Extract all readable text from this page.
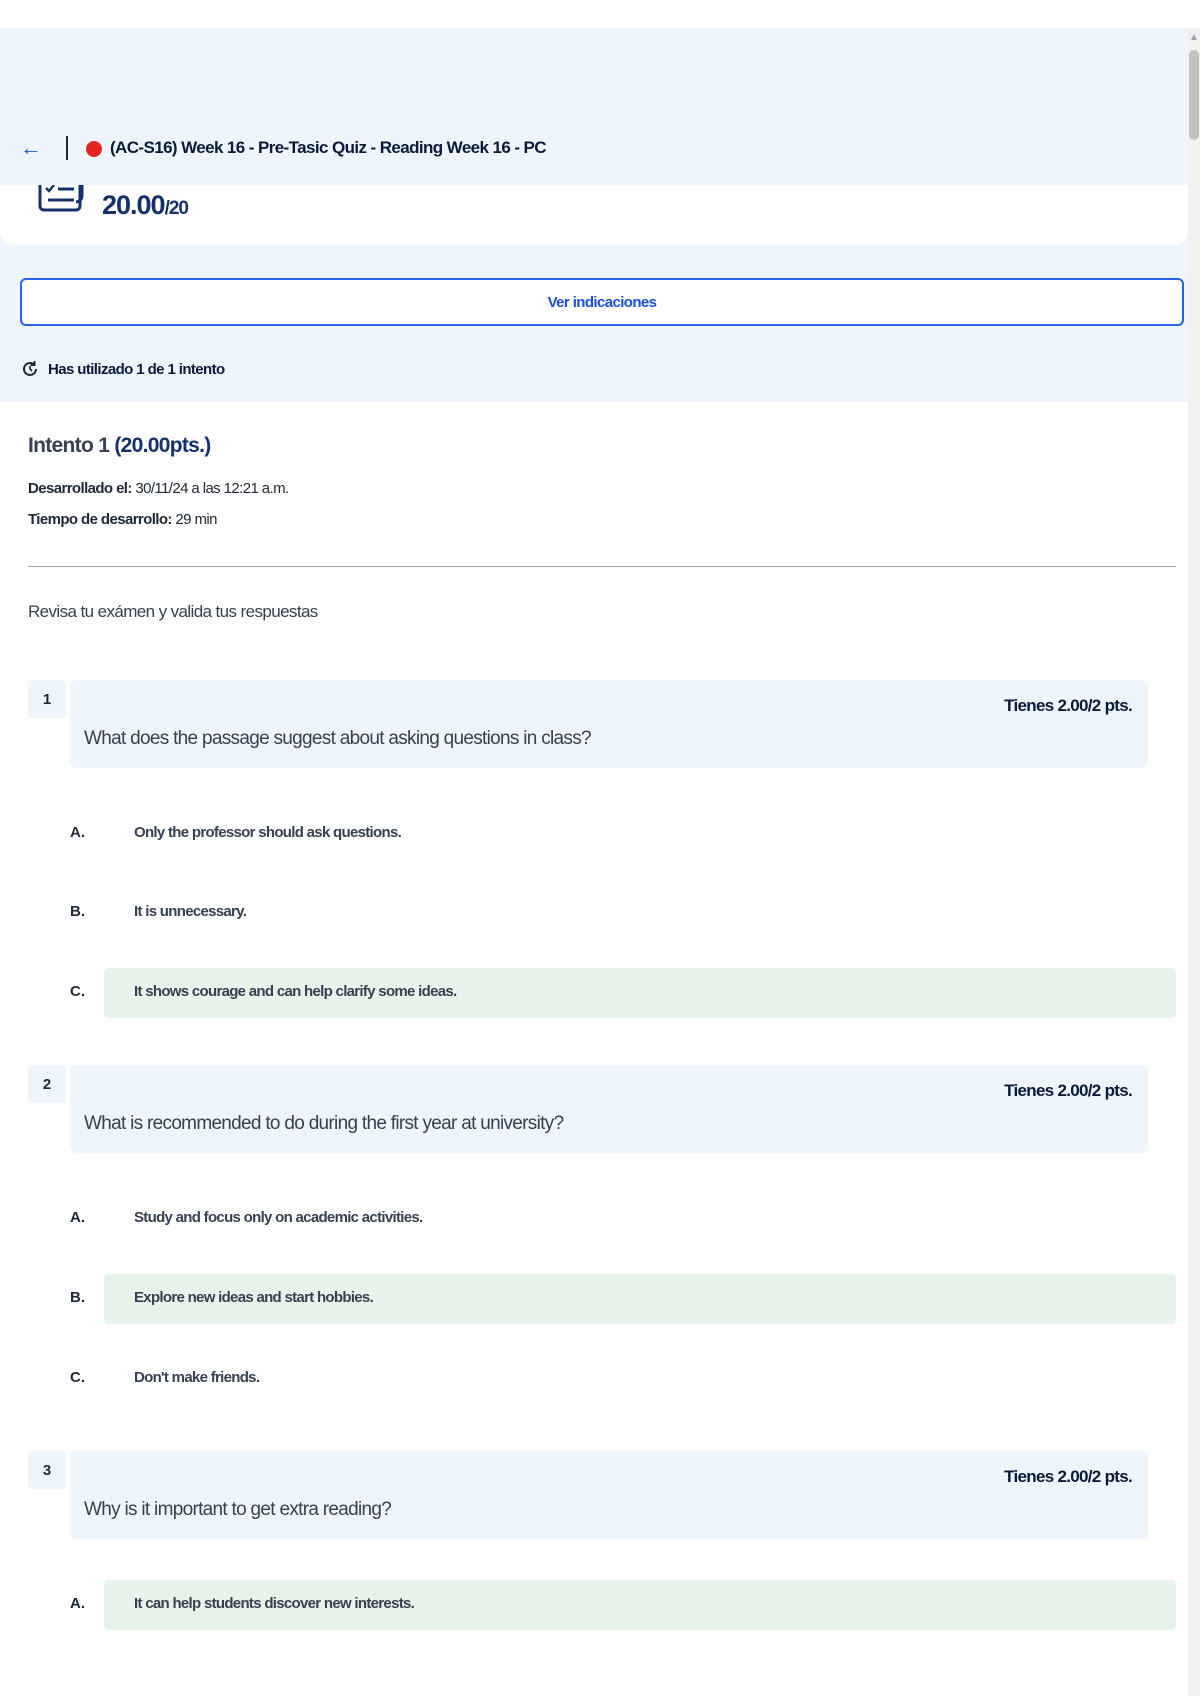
←	(AC-S16) Week 16 - Pre-Tasic Quiz - Reading Week 16 - PC
20.00/20
Ver indicaciones
Has utilizado 1 de 1 intento
Intento 1 (20.00pts.)
Desarrollado el: 30/11/24 a las 12:21 a.m.
Tiempo de desarrollo: 29 min
Revisa tu exámen y valida tus respuestas
1	Tienes 2.00/2 pts.
What does the passage suggest about asking questions in class?
A.	Only the professor should ask questions.
B.	It is unnecessary.
C.	It shows courage and can help clarify some ideas.
2	Tienes 2.00/2 pts.
What is recommended to do during the first year at university?
A.	Study and focus only on academic activities.
B.	Explore new ideas and start hobbies.
C.	Don't make friends.
3	Tienes 2.00/2 pts.
Why is it important to get extra reading?
A.	It can help students discover new interests.
▲
